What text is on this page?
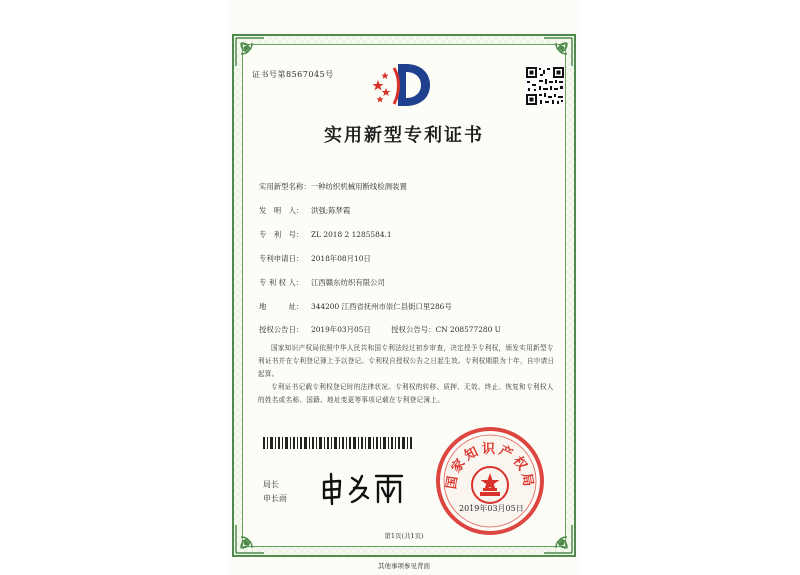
证书号第8567045号
实用新型专利证书
实用新型名称：一种纺织机械用断线检测装置
发　明　人： 洪强;陈梦霞
专　利　号： ZL 2018 2 1285584.1
专利申请日： 2018年08月10日
专 利 权 人： 江西赣东纺织有限公司
地　　　址： 344200 江西省抚州市崇仁县街口里286号
授权公告日： 2019年03月05日	授权公告号：CN 208577280 U
国家知识产权局依照中华人民共和国专利法经过初步审查，决定授予专利权，颁发实用新型专利证书并在专利登记簿上予以登记。专利权自授权公告之日起生效。专利权期限为十年，自申请日起算。
专利证书记载专利权登记时的法律状况。专利权的转移、质押、无效、终止、恢复和专利权人的姓名或名称、国籍、地址变更等事项记载在专利登记簿上。
局长
申长雨
国家知识产权局
2019年03月05日
第1页(共1页)
其他事项参见背面
